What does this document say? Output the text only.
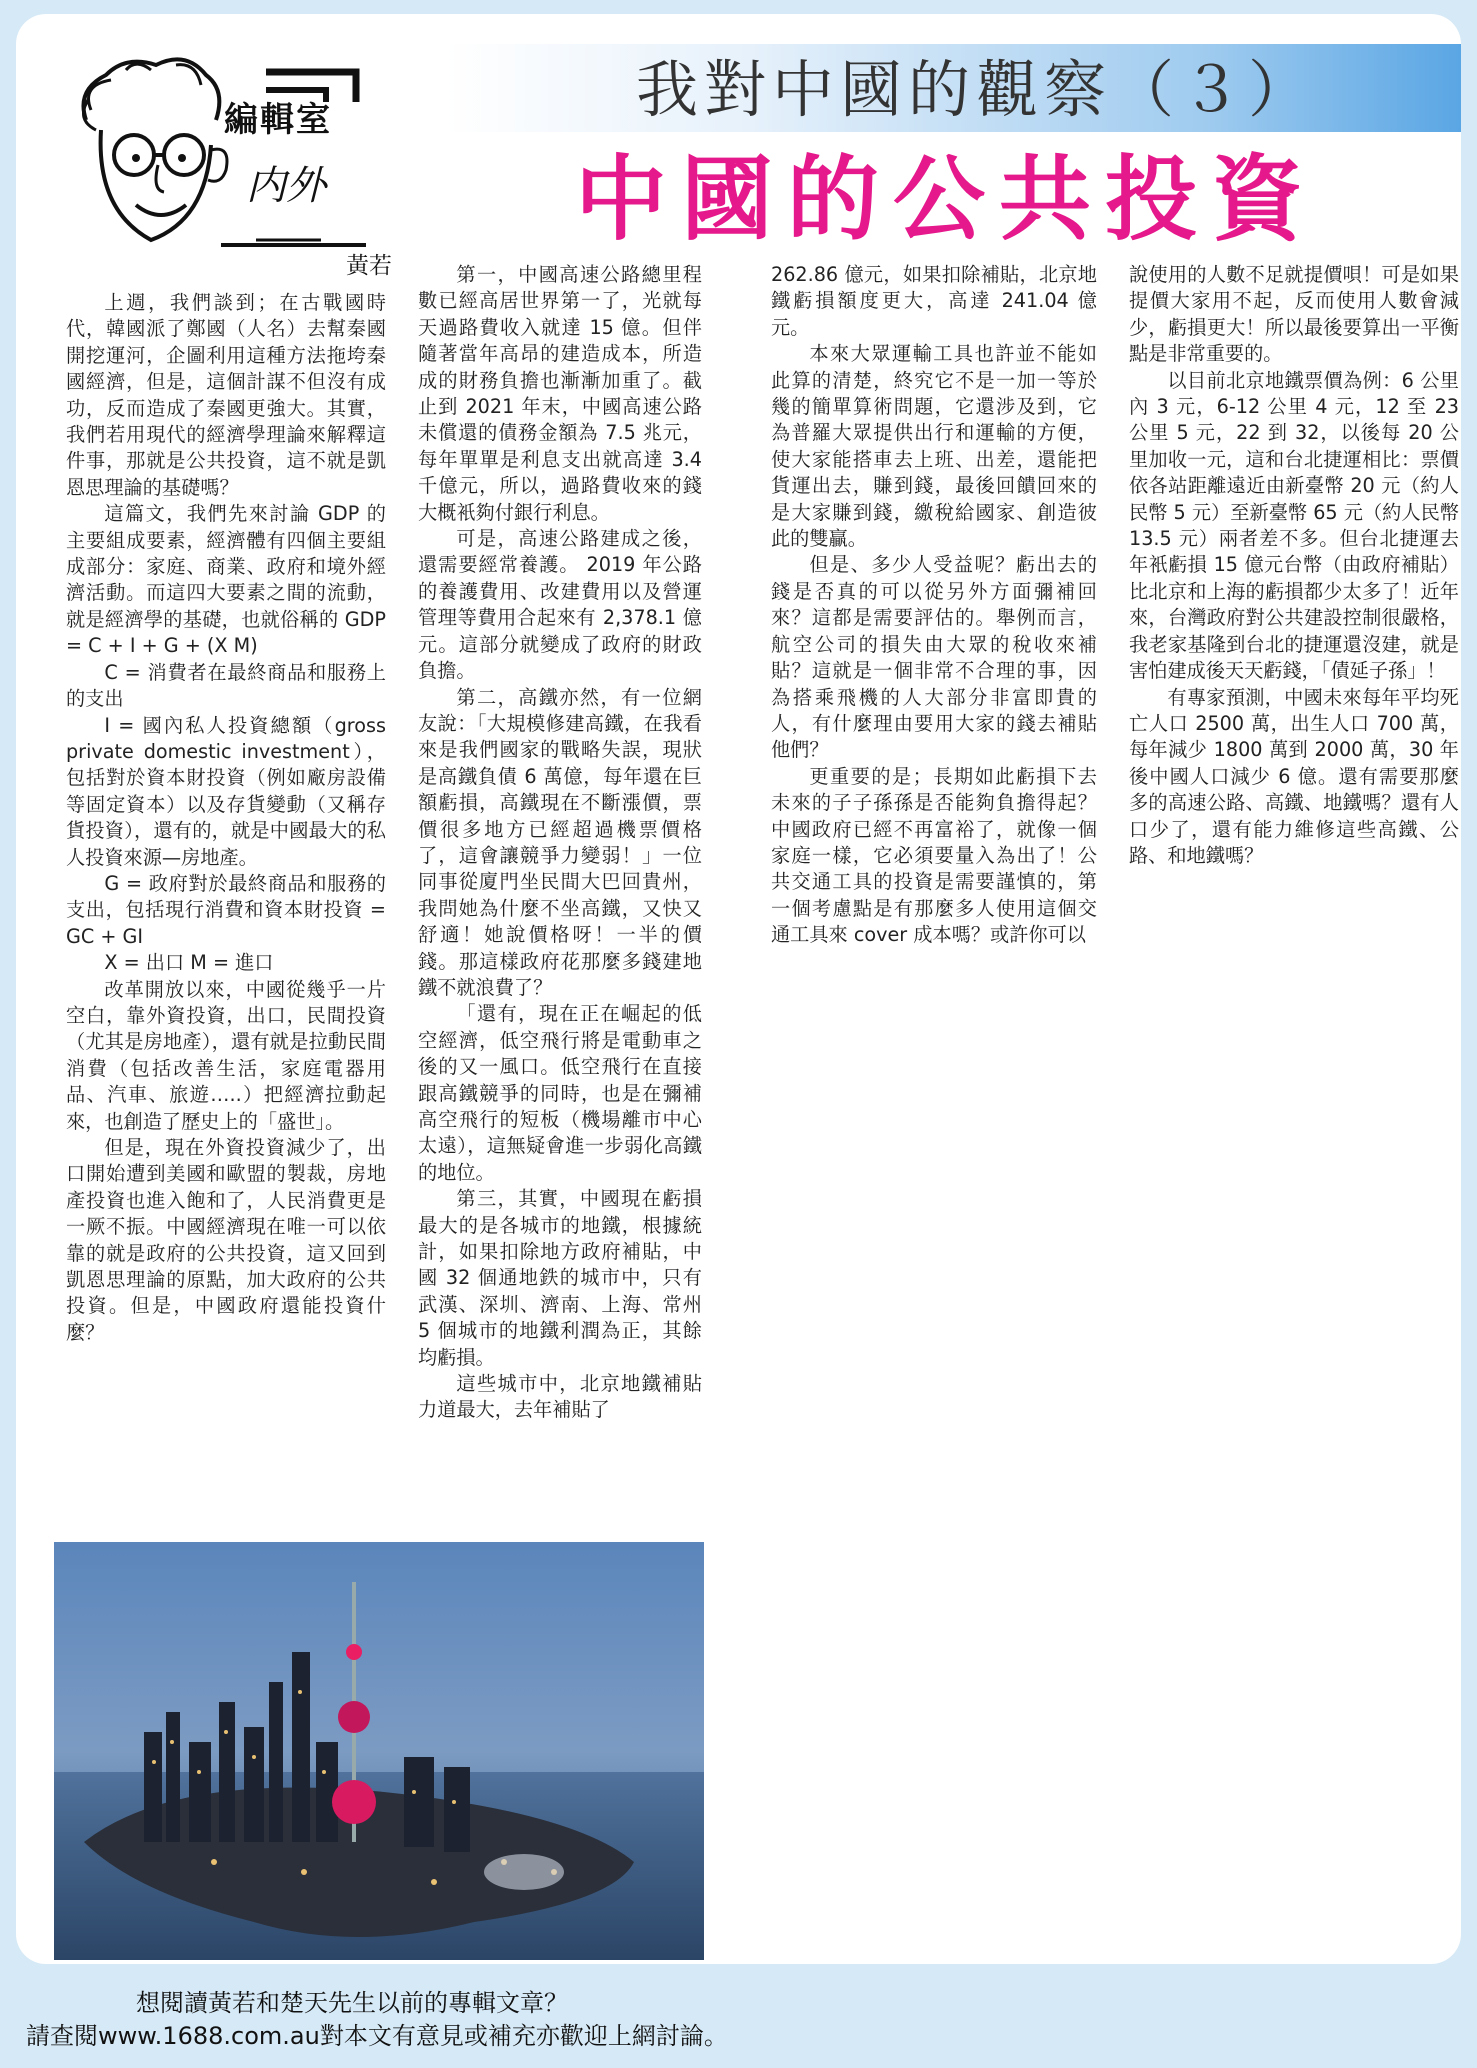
編輯室
内外
黃若
我對中國的觀察（３）
中國的公共投資

上週，我們談到；在古戰國時代，韓國派了鄭國（人名）去幫秦國開挖運河，企圖利用這種方法拖垮秦國經濟，但是，這個計謀不但沒有成功，反而造成了秦國更強大。其實，我們若用現代的經濟學理論來解釋這件事，那就是公共投資，這不就是凱恩思理論的基礎嗎？

這篇文，我們先來討論 GDP 的主要組成要素，經濟體有四個主要組成部分：家庭、商業、政府和境外經濟活動。而這四大要素之間的流動，就是經濟學的基礎，也就俗稱的 GDP = C + I + G + (X M)

C = 消費者在最終商品和服務上的支出

I = 國內私人投資總額（gross private domestic investment），包括對於資本財投資（例如廠房設備等固定資本）以及存貨變動（又稱存貨投資），還有的，就是中國最大的私人投資來源—房地產。

G = 政府對於最終商品和服務的支出，包括現行消費和資本財投資 = GC + GI

X = 出口 M = 進口

改革開放以來，中國從幾乎一片空白，靠外資投資，出口，民間投資（尤其是房地產），還有就是拉動民間消費（包括改善生活，家庭電器用品、汽車、旅遊…..）把經濟拉動起來，也創造了歷史上的「盛世」。

但是，現在外資投資減少了，出口開始遭到美國和歐盟的製裁，房地產投資也進入飽和了，人民消費更是一厥不振。中國經濟現在唯一可以依靠的就是政府的公共投資，這又回到凱恩思理論的原點，加大政府的公共投資。但是，中國政府還能投資什麼？

第一，中國高速公路總里程數已經高居世界第一了，光就每天過路費收入就達 15 億。但伴隨著當年高昂的建造成本，所造成的財務負擔也漸漸加重了。截止到 2021 年末，中國高速公路未償還的債務金額為 7.5 兆元，每年單單是利息支出就高達 3.4 千億元，所以，過路費收來的錢大概衹夠付銀行利息。

可是，高速公路建成之後，還需要經常養護。 2019 年公路的養護費用、改建費用以及營運管理等費用合起來有 2,378.1 億元。這部分就變成了政府的財政負擔。

第二，高鐵亦然，有一位網友說：「大規模修建高鐵，在我看來是我們國家的戰略失誤，現狀是高鐵負債 6 萬億，每年還在巨額虧損，高鐵現在不斷漲價，票價很多地方已經超過機票價格了，這會讓競爭力變弱！」一位同事從廈門坐民間大巴回貴州，我問她為什麼不坐高鐵，又快又舒適！她說價格呀！一半的價錢。那這樣政府花那麼多錢建地鐵不就浪費了？

「還有，現在正在崛起的低空經濟，低空飛行將是電動車之後的又一風口。低空飛行在直接跟高鐵競爭的同時，也是在彌補高空飛行的短板（機場離市中心太遠），這無疑會進一步弱化高鐵的地位。

第三，其實，中國現在虧損最大的是各城市的地鐵，根據統計，如果扣除地方政府補貼，中國 32 個通地鉄的城市中，只有武漢、深圳、濟南、上海、常州 5 個城市的地鐵利潤為正，其餘均虧損。

這些城市中，北京地鐵補貼力道最大，去年補貼了

262.86 億元，如果扣除補貼，北京地鐵虧損額度更大，高達 241.04 億元。

本來大眾運輸工具也許並不能如此算的清楚，終究它不是一加一等於幾的簡單算術問題，它還涉及到，它為普羅大眾提供出行和運輸的方便，使大家能搭車去上班、出差，還能把貨運出去，賺到錢，最後回饋回來的是大家賺到錢，繳稅給國家、創造彼此的雙贏。

但是、多少人受益呢？虧出去的錢是否真的可以從另外方面彌補回來？這都是需要評估的。舉例而言，航空公司的損失由大眾的稅收來補貼？這就是一個非常不合理的事，因為搭乘飛機的人大部分非富即貴的人，有什麼理由要用大家的錢去補貼他們？

更重要的是；長期如此虧損下去未來的子子孫孫是否能夠負擔得起？中國政府已經不再富裕了，就像一個家庭一樣，它必須要量入為出了！公共交通工具的投資是需要謹慎的，第一個考慮點是有那麼多人使用這個交通工具來 cover 成本嗎？或許你可以

說使用的人數不足就提價唄！可是如果提價大家用不起，反而使用人數會減少，虧損更大！所以最後要算出一平衡點是非常重要的。

以目前北京地鐵票價為例：6 公里內 3 元，6-12 公里 4 元，12 至 23 公里 5 元，22 到 32，以後每 20 公里加收一元，這和台北捷運相比：票價依各站距離遠近由新臺幣 20 元（約人民幣 5 元）至新臺幣 65 元（約人民幣 13.5 元）兩者差不多。但台北捷運去年衹虧損 15 億元台幣（由政府補貼）比北京和上海的虧損都少太多了！近年來，台灣政府對公共建設控制很嚴格，我老家基隆到台北的捷運還沒建，就是害怕建成後天天虧錢，「債延子孫」！

有專家預測，中國未來每年平均死亡人口 2500 萬，出生人口 700 萬，每年減少 1800 萬到 2000 萬，30 年後中國人口減少 6 億。還有需要那麼多的高速公路、高鐵、地鐵嗎？還有人口少了，還有能力維修這些高鐵、公路、和地鐵嗎？

想閱讀黃若和楚天先生以前的專輯文章？
請查閱www.1688.com.au對本文有意見或補充亦歡迎上網討論。
